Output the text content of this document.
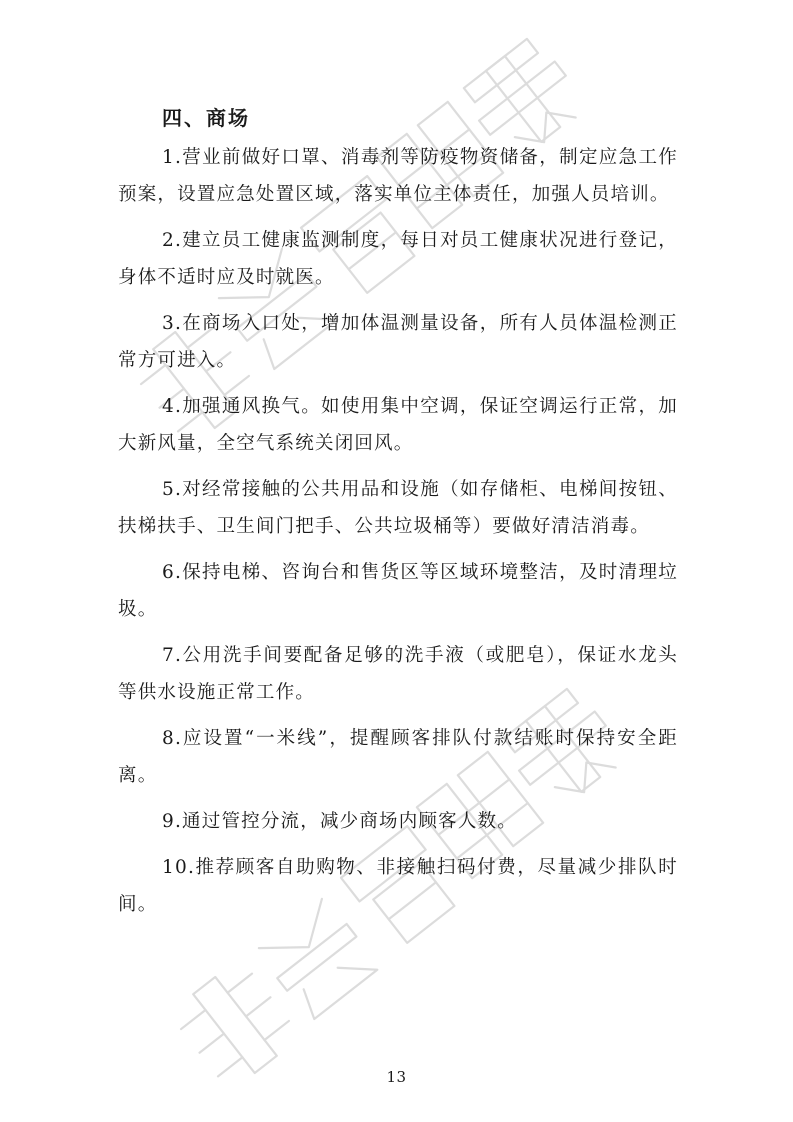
四、商场

1.营业前做好口罩、消毒剂等防疫物资储备，制定应急工作预案，设置应急处置区域，落实单位主体责任，加强人员培训。

2.建立员工健康监测制度，每日对员工健康状况进行登记，身体不适时应及时就医。

3.在商场入口处，增加体温测量设备，所有人员体温检测正常方可进入。

4.加强通风换气。如使用集中空调，保证空调运行正常，加大新风量，全空气系统关闭回风。

5.对经常接触的公共用品和设施（如存储柜、电梯间按钮、扶梯扶手、卫生间门把手、公共垃圾桶等）要做好清洁消毒。

6.保持电梯、咨询台和售货区等区域环境整洁，及时清理垃圾。

7.公用洗手间要配备足够的洗手液（或肥皂），保证水龙头等供水设施正常工作。

8.应设置“一米线”，提醒顾客排队付款结账时保持安全距离。

9.通过管控分流，减少商场内顾客人数。

10.推荐顾客自助购物、非接触扫码付费，尽量减少排队时间。

13
